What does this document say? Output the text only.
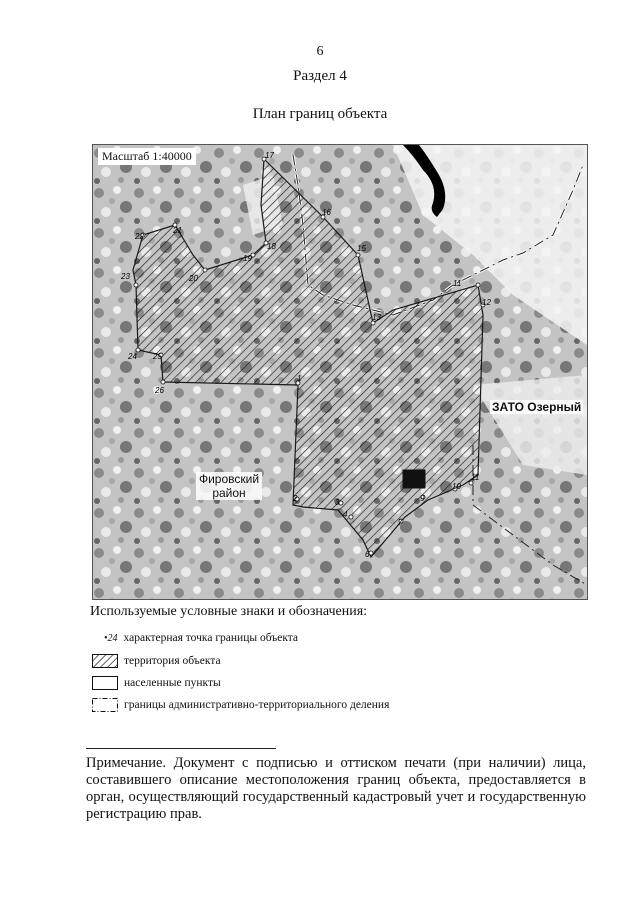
6
Раздел 4
План границ объекта
17
16
15
13
11
12
11
10
9
7
6
4
3
2
1
26
25
24
23
22
21
20
19
18
Масштаб 1:40000
ЗАТО Озерный
Фировский
район
Используемые условные знаки и обозначения:
•24 характерная точка границы объекта
территория объекта
населенные пункты
границы административно-территориального деления
Примечание. Документ с подписью и оттиском печати (при наличии) лица, составившего описание местоположения границ объекта, предоставляется в орган, осуществляющий государственный кадастровый учет и государственную регистрацию прав.
